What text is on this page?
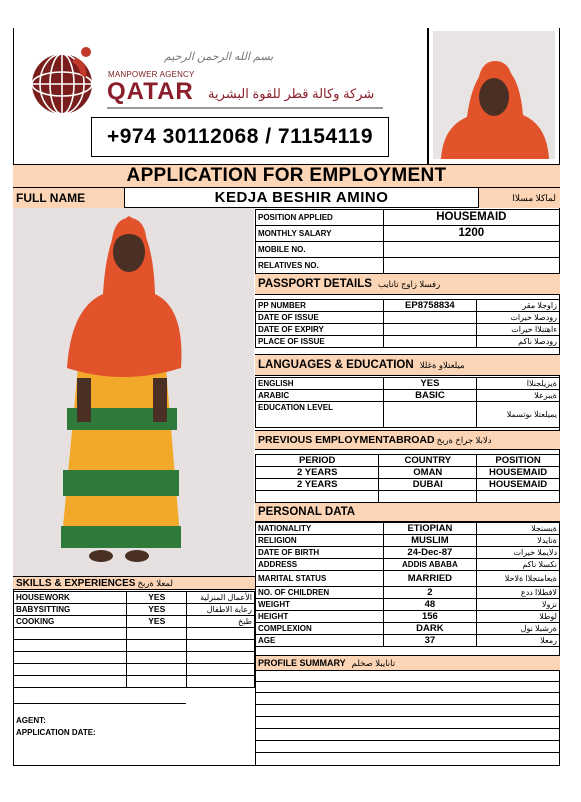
بسم الله الرحمن الرحيم
MANPOWER AGENCY
QATAR شركة وكالة قطر للقوة البشرية
+974 30112068 / 71154119
APPLICATION FOR EMPLOYMENT
FULL NAME	KEDJA BESHIR AMINO	لماكلا مسلاا
POSITION APPLIED	HOUSEMAID
MONTHLY SALARY	1200
MOBILE NO.	
RELATIVES NO.	
PASSPORT DETAILS رفسلا زاوج تانايب
PP NUMBER	EP8758834	زاوجلا مقر
DATE OF ISSUE		رودصلا خيرات
DATE OF EXPIRY		ءاهتنلاا خيرات
PLACE OF ISSUE		رودصلا ناكم
LANGUAGES & EDUCATION ميلعتلاو ةغللا
ENGLISH	YES	ةيزيلجنلاا
ARABIC	BASIC	ةيبرعلا
EDUCATION LEVEL		يميلعتلا ىوتسملا
PREVIOUS EMPLOYMENTABROAD دلابلا جراخ ةربخ
PERIOD	COUNTRY	POSITION
2 YEARS	OMAN	HOUSEMAID
2 YEARS	DUBAI	HOUSEMAID

PERSONAL DATA
NATIONALITY	ETIOPIAN	ةيسنجلا
RELIGION	MUSLIM	ةنايدلا
DATE OF BIRTH	24-Dec-87	دلايملا خيرات
ADDRESS	ADDIS ABABA	نكسلا ناكم
MARITAL STATUS	MARRIED	ةيعامتجلاا ةلاحلا
NO. OF CHILDREN	2	لافطلاا ددع
WEIGHT	48	نزولا
HEIGHT	156	لوطلا
COMPLEXION	DARK	ةرشبلا نول
AGE	37	رمعلا
PROFILE SUMMARY تانايبلا صخلم
SKILLS & EXPERIENCES لمعلا ةربخ
HOUSEWORK	YES	الأعمال المنزلية
BABYSITTING	YES	رعاية الاطفال
COOKING	YES	طبخ

AGENT:
APPLICATION DATE:
